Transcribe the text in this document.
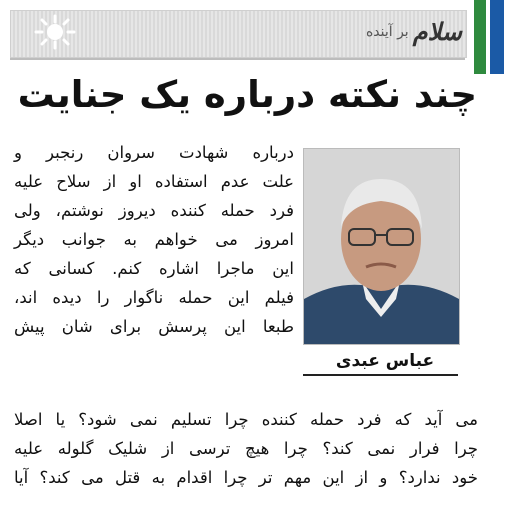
سلام
بر آینده
چند نکته درباره یک جنایت
عباس عبدی
درباره شهادت سروان رنجبر و
علت عدم استفاده او از سلاح علیه
فرد حمله کننده دیروز نوشتم، ولی
امروز می خواهم به جوانب دیگر
این ماجرا اشاره کنم. کسانی که
فیلم این حمله ناگوار را دیده اند،
طبعا این پرسش برای شان پیش
می آید که فرد حمله کننده چرا تسلیم نمی شود؟ یا اصلا
چرا فرار نمی کند؟ چرا هیچ ترسی از شلیک گلوله علیه
خود ندارد؟ و از این مهم تر چرا اقدام به قتل می کند؟ آیا
